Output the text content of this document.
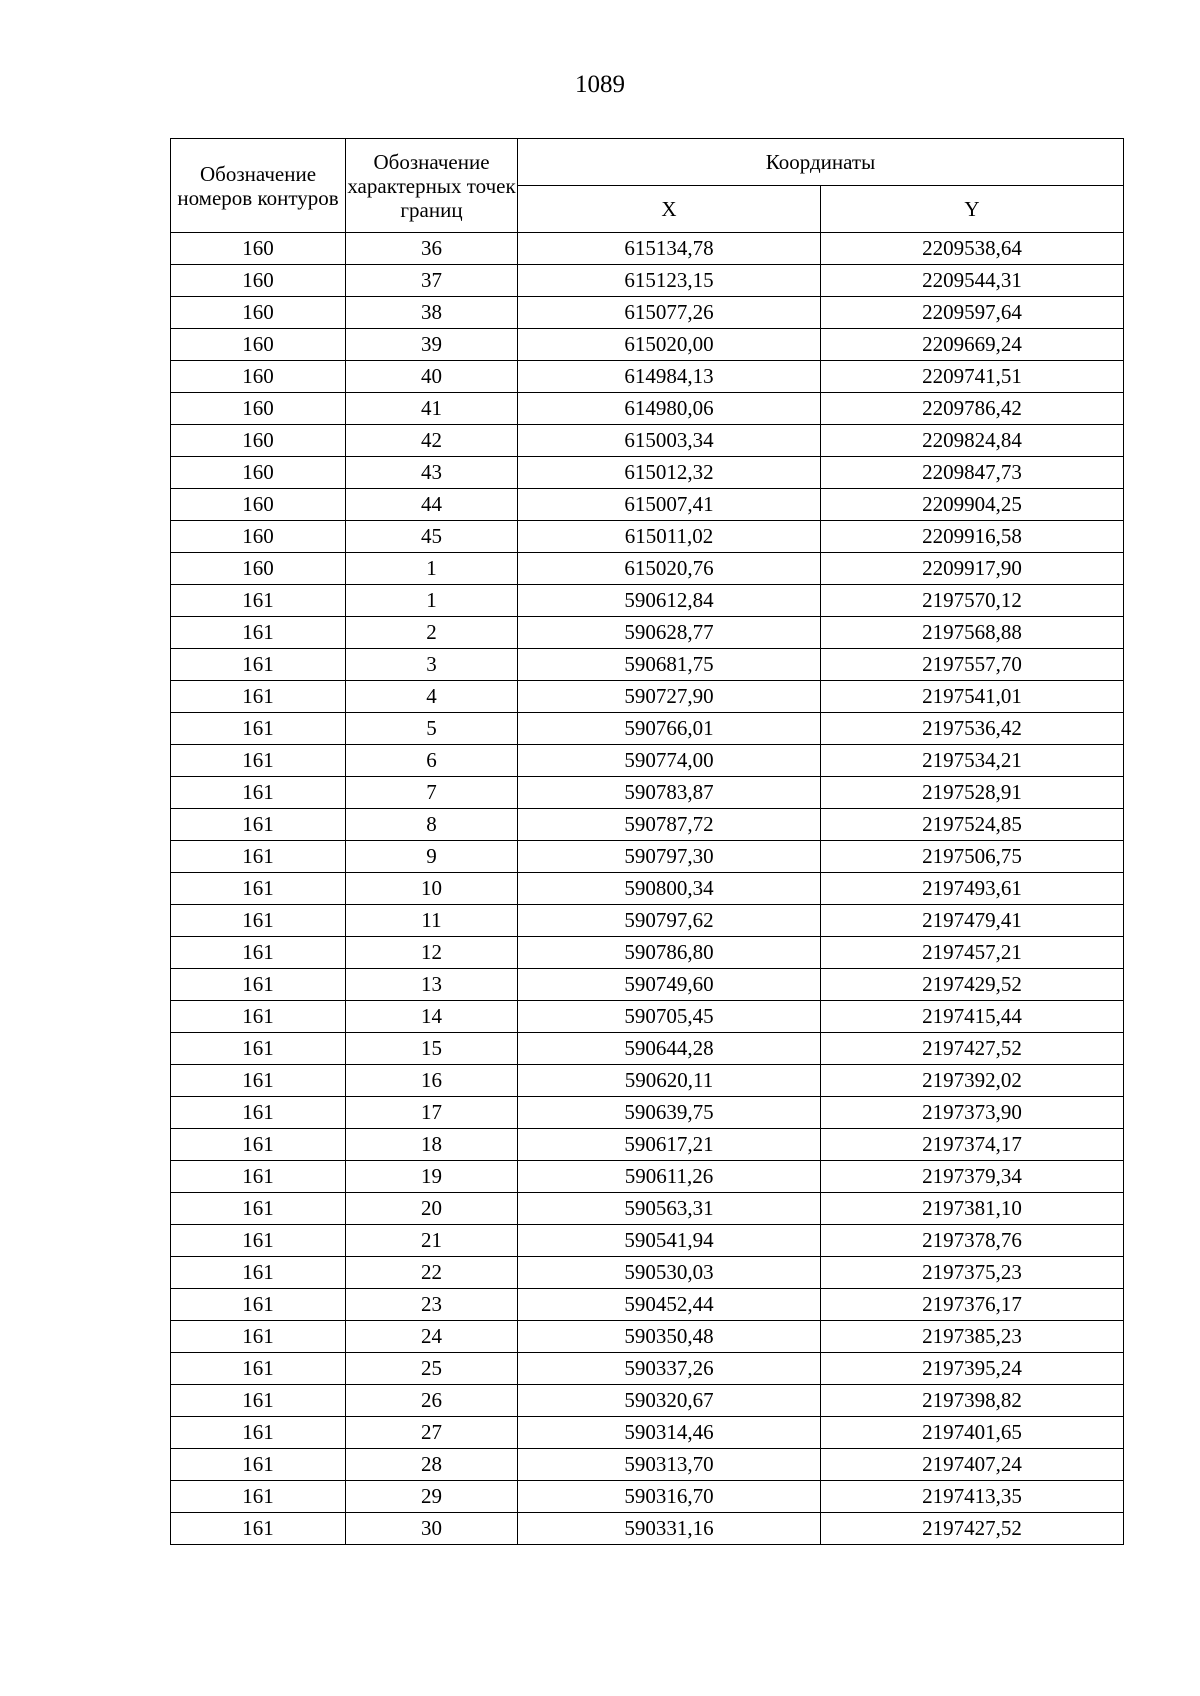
1089
Обозначение номеров контуров	Обозначение характерных точек границ	Координаты	
		X	Y
160	36	615134,78	2209538,64
160	37	615123,15	2209544,31
160	38	615077,26	2209597,64
160	39	615020,00	2209669,24
160	40	614984,13	2209741,51
160	41	614980,06	2209786,42
160	42	615003,34	2209824,84
160	43	615012,32	2209847,73
160	44	615007,41	2209904,25
160	45	615011,02	2209916,58
160	1	615020,76	2209917,90
161	1	590612,84	2197570,12
161	2	590628,77	2197568,88
161	3	590681,75	2197557,70
161	4	590727,90	2197541,01
161	5	590766,01	2197536,42
161	6	590774,00	2197534,21
161	7	590783,87	2197528,91
161	8	590787,72	2197524,85
161	9	590797,30	2197506,75
161	10	590800,34	2197493,61
161	11	590797,62	2197479,41
161	12	590786,80	2197457,21
161	13	590749,60	2197429,52
161	14	590705,45	2197415,44
161	15	590644,28	2197427,52
161	16	590620,11	2197392,02
161	17	590639,75	2197373,90
161	18	590617,21	2197374,17
161	19	590611,26	2197379,34
161	20	590563,31	2197381,10
161	21	590541,94	2197378,76
161	22	590530,03	2197375,23
161	23	590452,44	2197376,17
161	24	590350,48	2197385,23
161	25	590337,26	2197395,24
161	26	590320,67	2197398,82
161	27	590314,46	2197401,65
161	28	590313,70	2197407,24
161	29	590316,70	2197413,35
161	30	590331,16	2197427,52
